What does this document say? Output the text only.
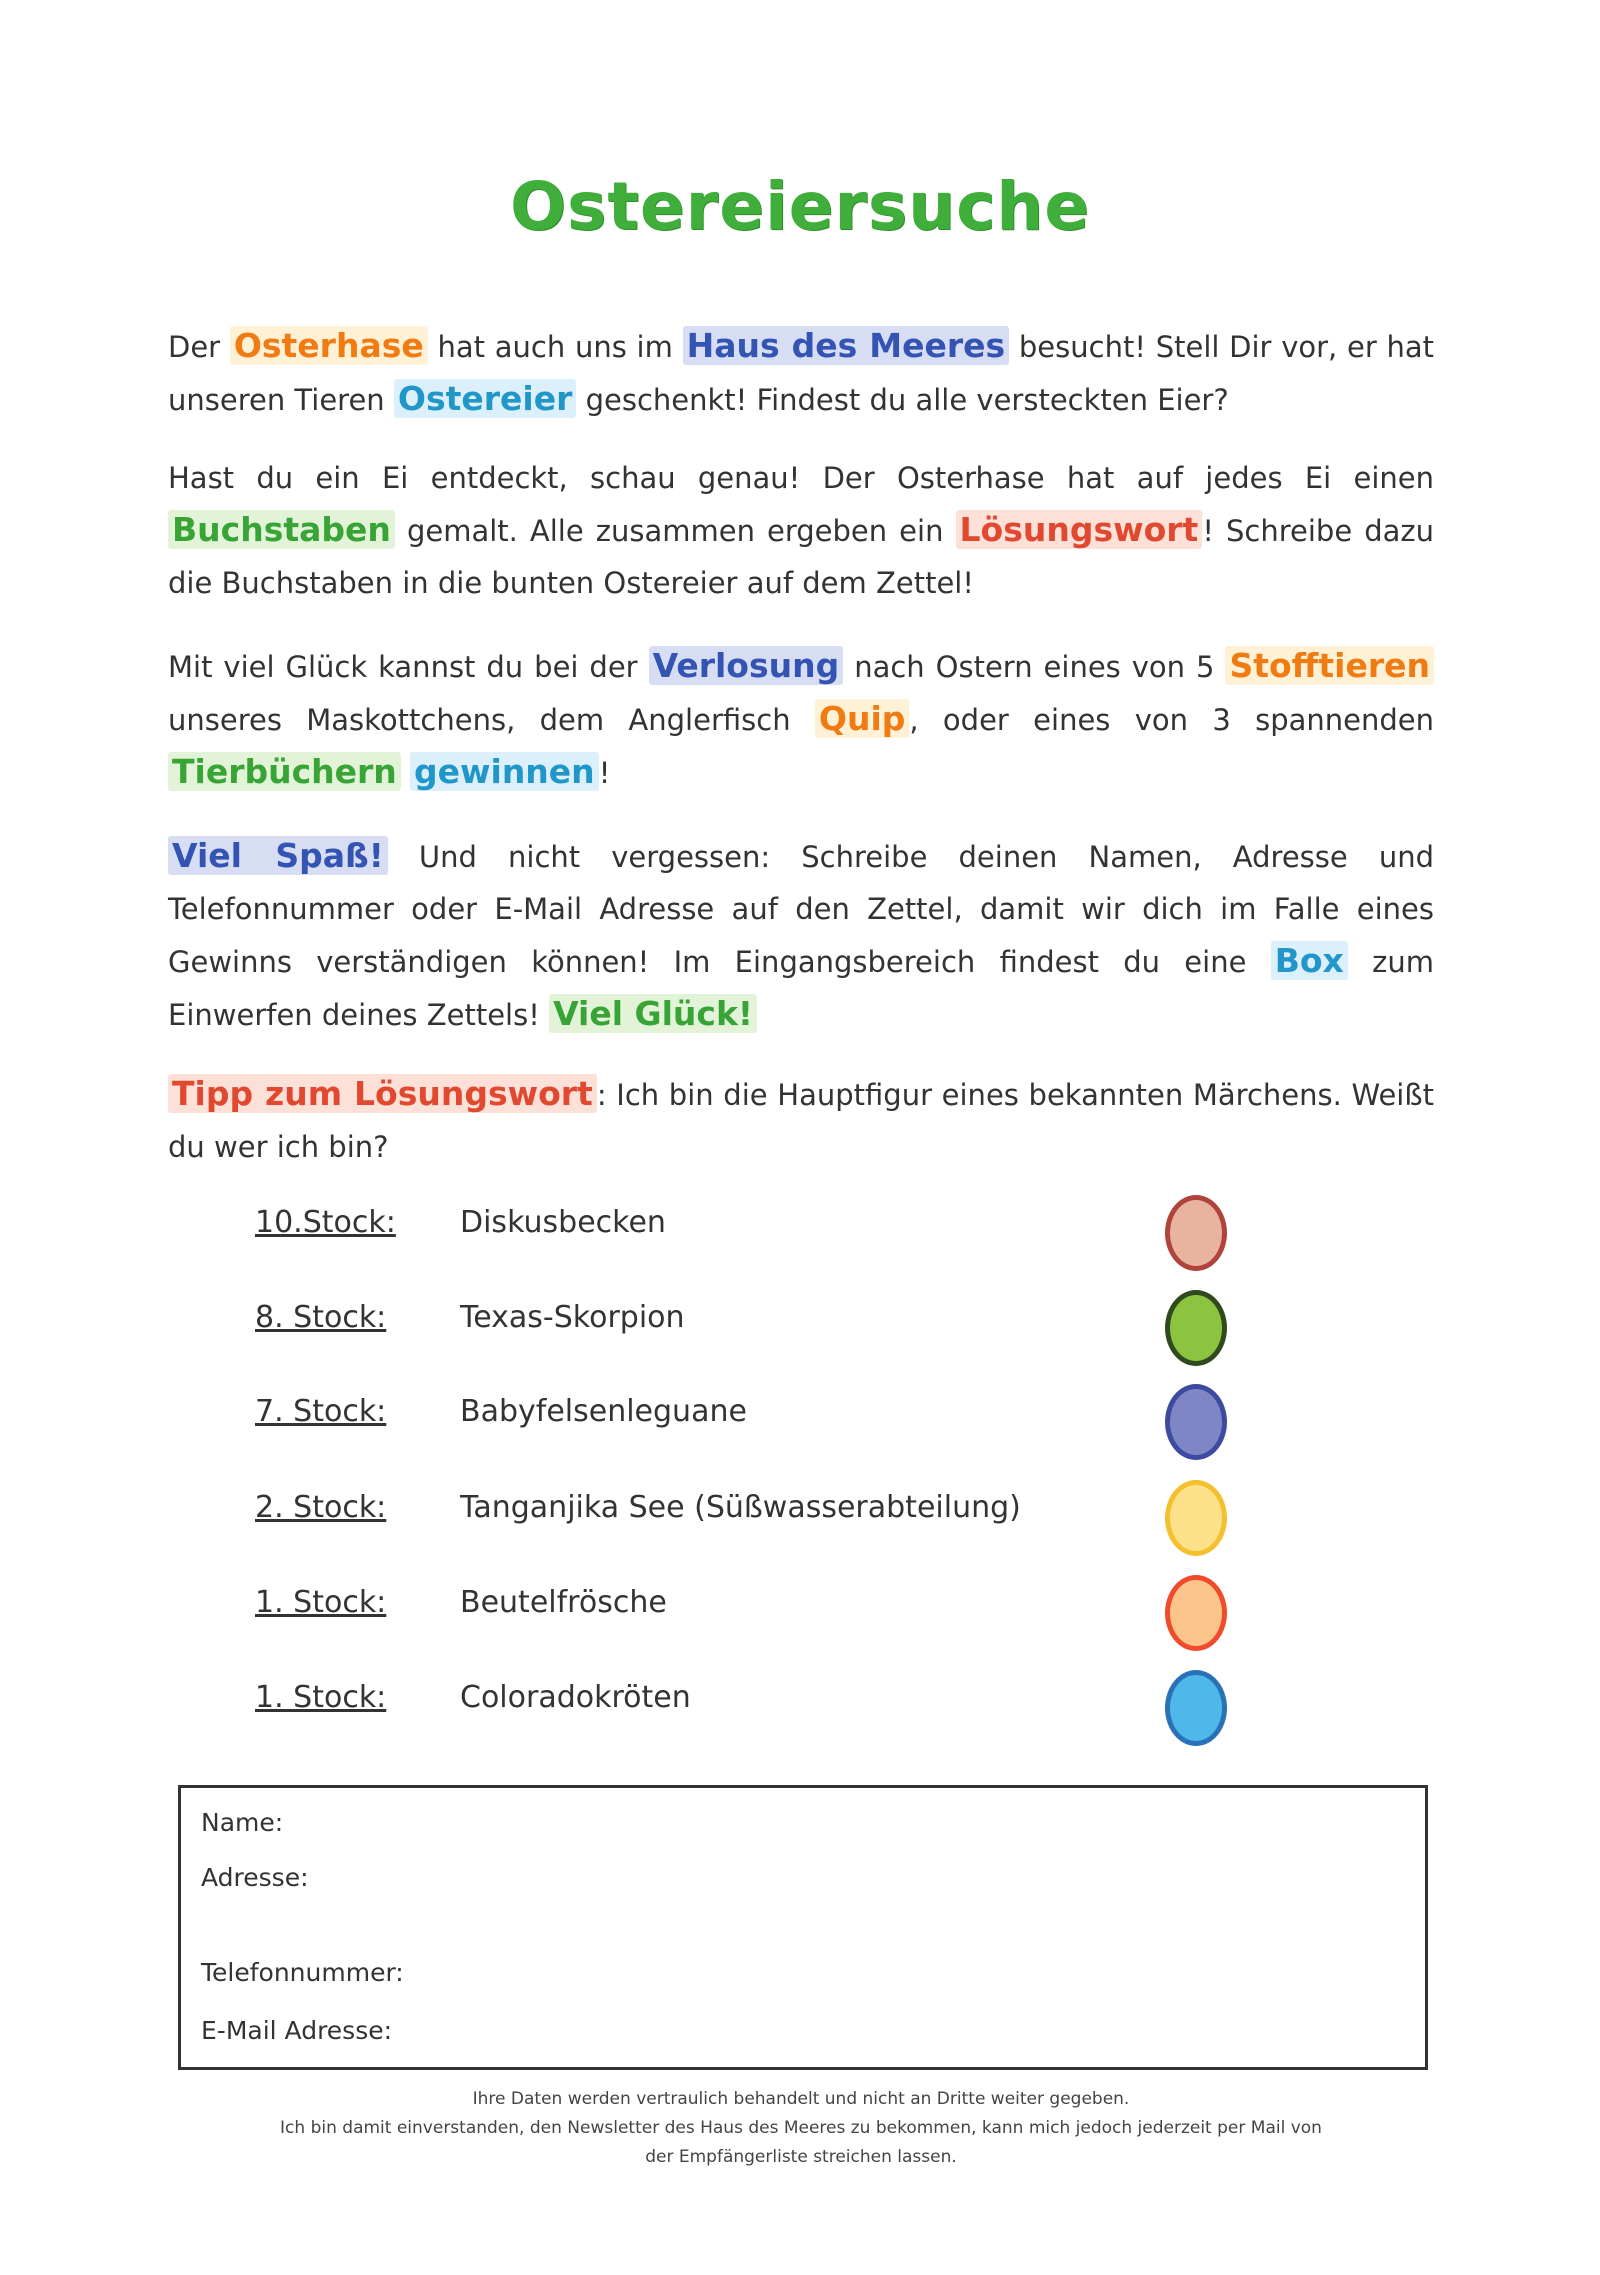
Ostereiersuche
Der Osterhase hat auch uns im Haus des Meeres besucht! Stell Dir vor, er hat unseren Tieren Ostereier geschenkt! Findest du alle versteckten Eier?
Hast du ein Ei entdeckt, schau genau! Der Osterhase hat auf jedes Ei einen Buchstaben gemalt. Alle zusammen ergeben ein Lösungswort ! Schreibe dazu die Buchstaben in die bunten Ostereier auf dem Zettel!
Mit viel Glück kannst du bei der Verlosung nach Ostern eines von 5 Stofftieren unseres Maskottchens, dem Anglerfisch Quip , oder eines von 3 spannenden Tierbüchern gewinnen !
Viel Spaß! Und nicht vergessen: Schreibe deinen Namen, Adresse und Telefonnummer oder E-Mail Adresse auf den Zettel, damit wir dich im Falle eines Gewinns verständigen können! Im Eingangsbereich findest du eine Box zum Einwerfen deines Zettels! Viel Glück!
Tipp zum Lösungswort : Ich bin die Hauptfigur eines bekannten Märchens. Weißt du wer ich bin?
10.Stock: Diskusbecken
8. Stock: Texas-Skorpion
7. Stock: Babyfelsenleguane
2. Stock: Tanganjika See (Süßwasserabteilung)
1. Stock: Beutelfrösche
1. Stock: Coloradokröten
Name:
Adresse:
Telefonnummer:
E-Mail Adresse:
Ihre Daten werden vertraulich behandelt und nicht an Dritte weiter gegeben.
Ich bin damit einverstanden, den Newsletter des Haus des Meeres zu bekommen, kann mich jedoch jederzeit per Mail von
der Empfängerliste streichen lassen.
